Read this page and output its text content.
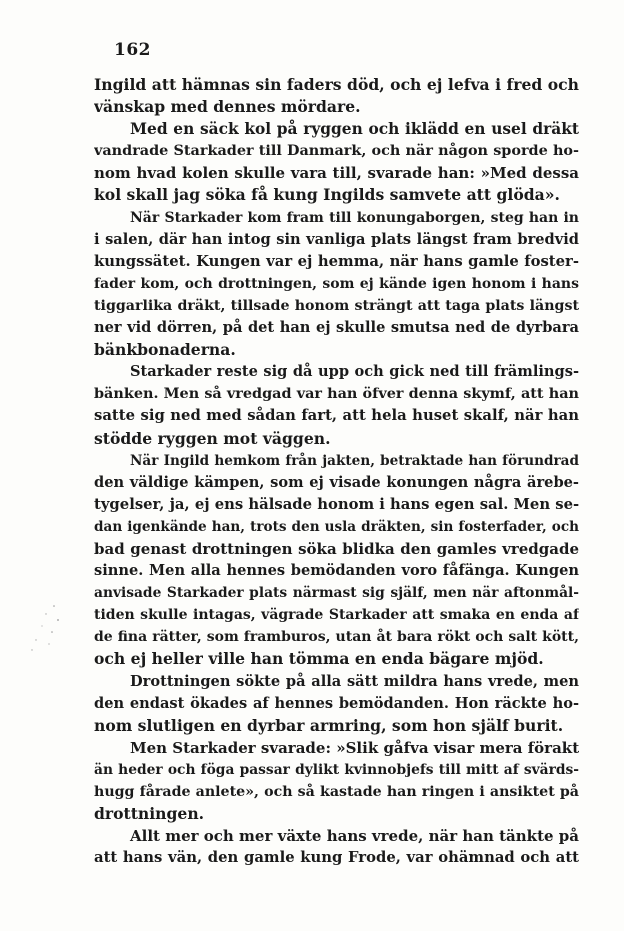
162
Ingild att hämnas sin faders död, och ej lefva i fred och
vänskap med dennes mördare.
Med en säck kol på ryggen och iklädd en usel dräkt
vandrade Starkader till Danmark, och när någon sporde ho-
nom hvad kolen skulle vara till, svarade han: »Med dessa
kol skall jag söka få kung Ingilds samvete att glöda».
När Starkader kom fram till konungaborgen, steg han in
i salen, där han intog sin vanliga plats längst fram bredvid
kungssätet. Kungen var ej hemma, när hans gamle foster-
fader kom, och drottningen, som ej kände igen honom i hans
tiggarlika dräkt, tillsade honom strängt att taga plats längst
ner vid dörren, på det han ej skulle smutsa ned de dyrbara
bänkbonaderna.
Starkader reste sig då upp och gick ned till främlings-
bänken. Men så vredgad var han öfver denna skymf, att han
satte sig ned med sådan fart, att hela huset skalf, när han
stödde ryggen mot väggen.
När Ingild hemkom från jakten, betraktade han förundrad
den väldige kämpen, som ej visade konungen några ärebe-
tygelser, ja, ej ens hälsade honom i hans egen sal. Men se-
dan igenkände han, trots den usla dräkten, sin fosterfader, och
bad genast drottningen söka blidka den gamles vredgade
sinne. Men alla hennes bemödanden voro fåfänga. Kungen
anvisade Starkader plats närmast sig själf, men när aftonmål-
tiden skulle intagas, vägrade Starkader att smaka en enda af
de fina rätter, som framburos, utan åt bara rökt och salt kött,
och ej heller ville han tömma en enda bägare mjöd.
Drottningen sökte på alla sätt mildra hans vrede, men
den endast ökades af hennes bemödanden. Hon räckte ho-
nom slutligen en dyrbar armring, som hon själf burit.
Men Starkader svarade: »Slik gåfva visar mera förakt
än heder och föga passar dylikt kvinnobjefs till mitt af svärds-
hugg fårade anlete», och så kastade han ringen i ansiktet på
drottningen.
Allt mer och mer växte hans vrede, när han tänkte på
att hans vän, den gamle kung Frode, var ohämnad och att
